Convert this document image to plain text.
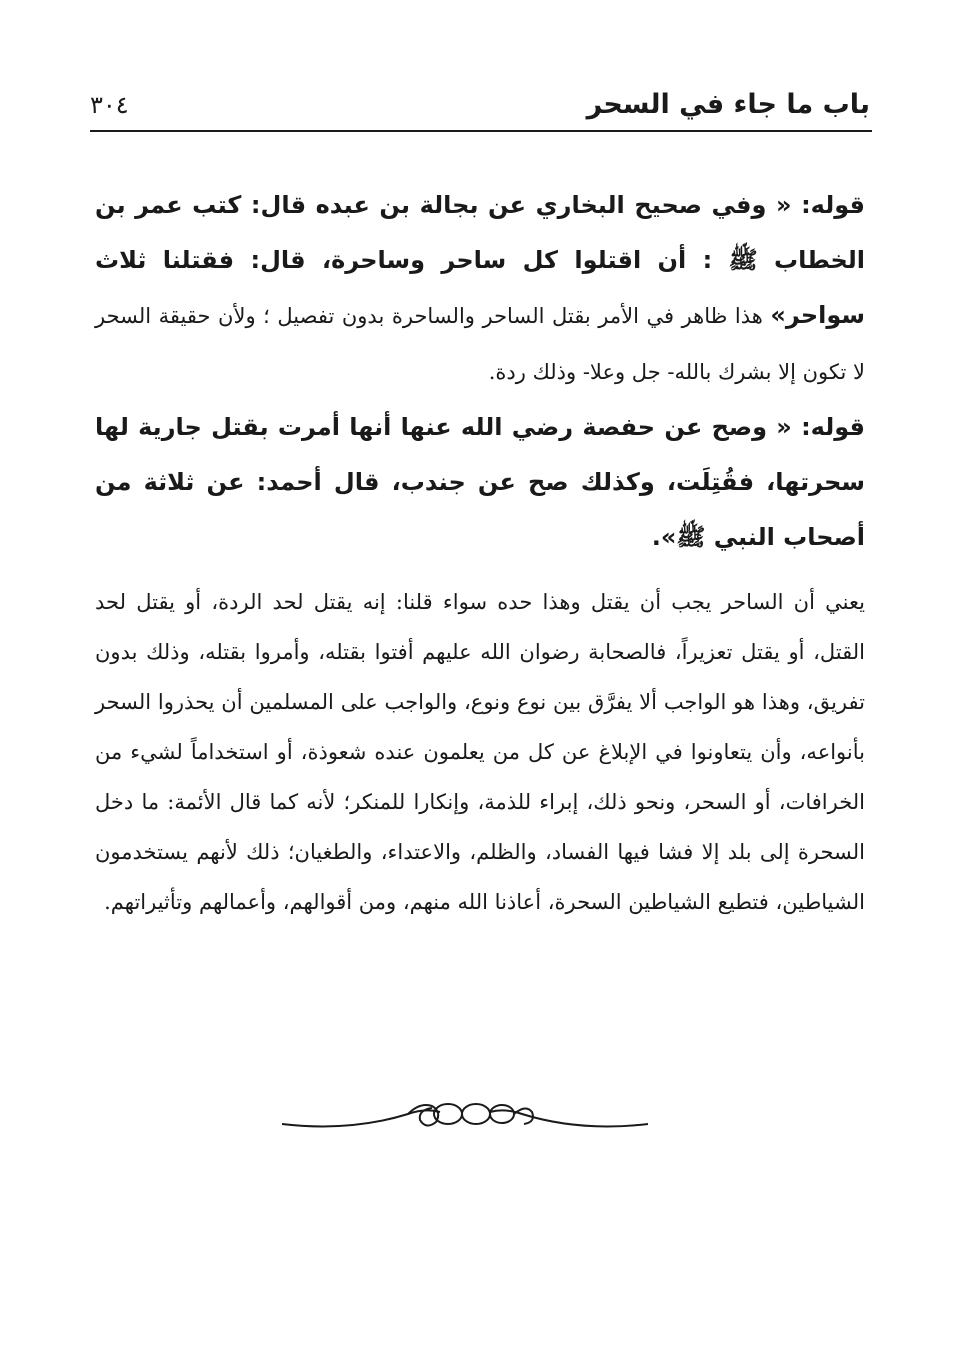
باب ما جاء في السحر
٣٠٤

قوله: « وفي صحيح البخاري عن بجالة بن عبده قال: كتب عمر بن الخطاب ﷺ : أن اقتلوا كل ساحر وساحرة، قال: فقتلنا ثلاث سواحر» هذا ظاهر في الأمر بقتل الساحر والساحرة بدون تفصيل ؛ ولأن حقيقة السحر لا تكون إلا بشرك بالله- جل وعلا- وذلك ردة.

قوله: « وصح عن حفصة رضي الله عنها أنها أمرت بقتل جارية لها سحرتها، فقُتِلَت، وكذلك صح عن جندب، قال أحمد: عن ثلاثة من أصحاب النبي ﷺ».

يعني أن الساحر يجب أن يقتل وهذا حده سواء قلنا: إنه يقتل لحد الردة، أو يقتل لحد القتل، أو يقتل تعزيراً، فالصحابة رضوان الله عليهم أفتوا بقتله، وأمروا بقتله، وذلك بدون تفريق، وهذا هو الواجب ألا يفرَّق بين نوع ونوع، والواجب على المسلمين أن يحذروا السحر بأنواعه، وأن يتعاونوا في الإبلاغ عن كل من يعلمون عنده شعوذة، أو استخداماً لشيء من الخرافات، أو السحر، ونحو ذلك، إبراء للذمة، وإنكارا للمنكر؛ لأنه كما قال الأئمة: ما دخل السحرة إلى بلد إلا فشا فيها الفساد، والظلم، والاعتداء، والطغيان؛ ذلك لأنهم يستخدمون الشياطين، فتطيع الشياطين السحرة، أعاذنا الله منهم، ومن أقوالهم، وأعمالهم وتأثيراتهم.
